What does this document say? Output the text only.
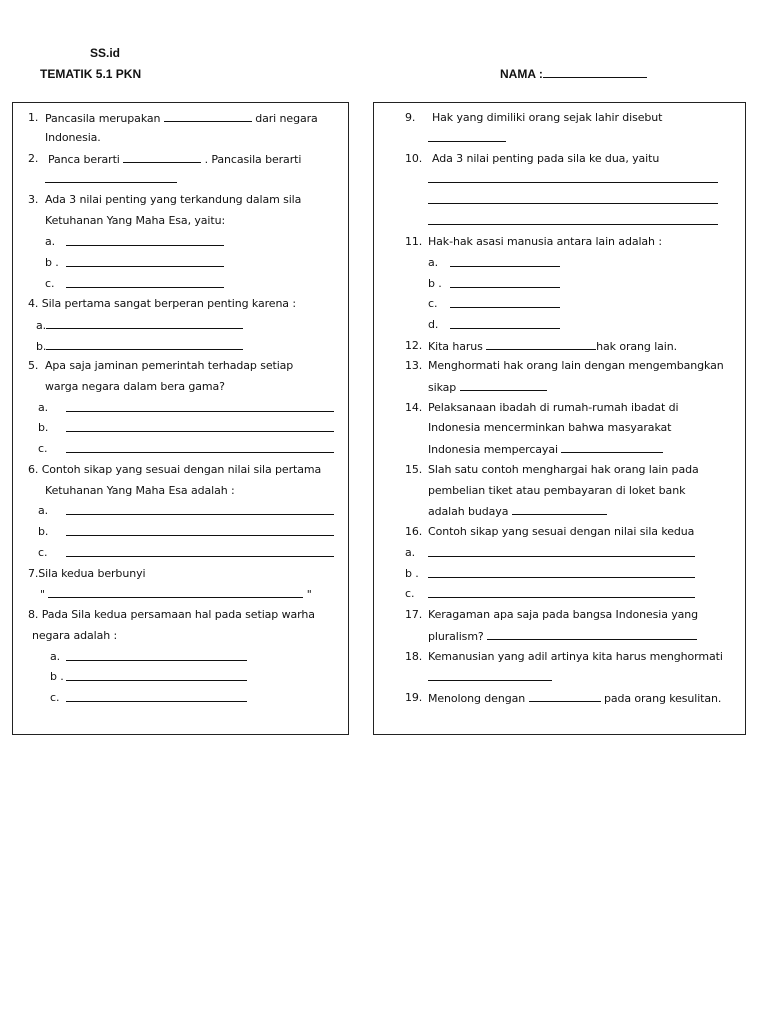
SS.id
TEMATIK 5.1 PKN	NAMA :
1. Pancasila merupakan	dari negara
Indonesia.
2. Panca berarti	. Pancasila berarti
3. Ada 3 nilai penting yang terkandung dalam sila
Ketuhanan Yang Maha Esa, yaitu:
a.
b .
c.
4. Sila pertama sangat berperan penting karena :
a.
b.
5. Apa saja jaminan pemerintah terhadap setiap
warga negara dalam bera gama?
a.
b.
c.
6. Contoh sikap yang sesuai dengan nilai sila pertama
Ketuhanan Yang Maha Esa adalah :
a.
b.
c.
7.Sila kedua berbunyi
"	"
8. Pada Sila kedua persamaan hal pada setiap warha
negara adalah :
a.
b .
c.
9. Hak yang dimiliki orang sejak lahir disebut
10. Ada 3 nilai penting pada sila ke dua, yaitu
11. Hak-hak asasi manusia antara lain adalah :
a.
b .
c.
d.
12. Kita harus	hak orang lain.
13. Menghormati hak orang lain dengan mengembangkan
sikap
14. Pelaksanaan ibadah di rumah-rumah ibadat di
Indonesia mencerminkan bahwa masyarakat
Indonesia mempercayai
15. Slah satu contoh menghargai hak orang lain pada
pembelian tiket atau pembayaran di loket bank
adalah budaya
16. Contoh sikap yang sesuai dengan nilai sila kedua
a.
b .
c.
17. Keragaman apa saja pada bangsa Indonesia yang
pluralism?
18. Kemanusian yang adil artinya kita harus menghormati
19. Menolong dengan	pada orang kesulitan.
